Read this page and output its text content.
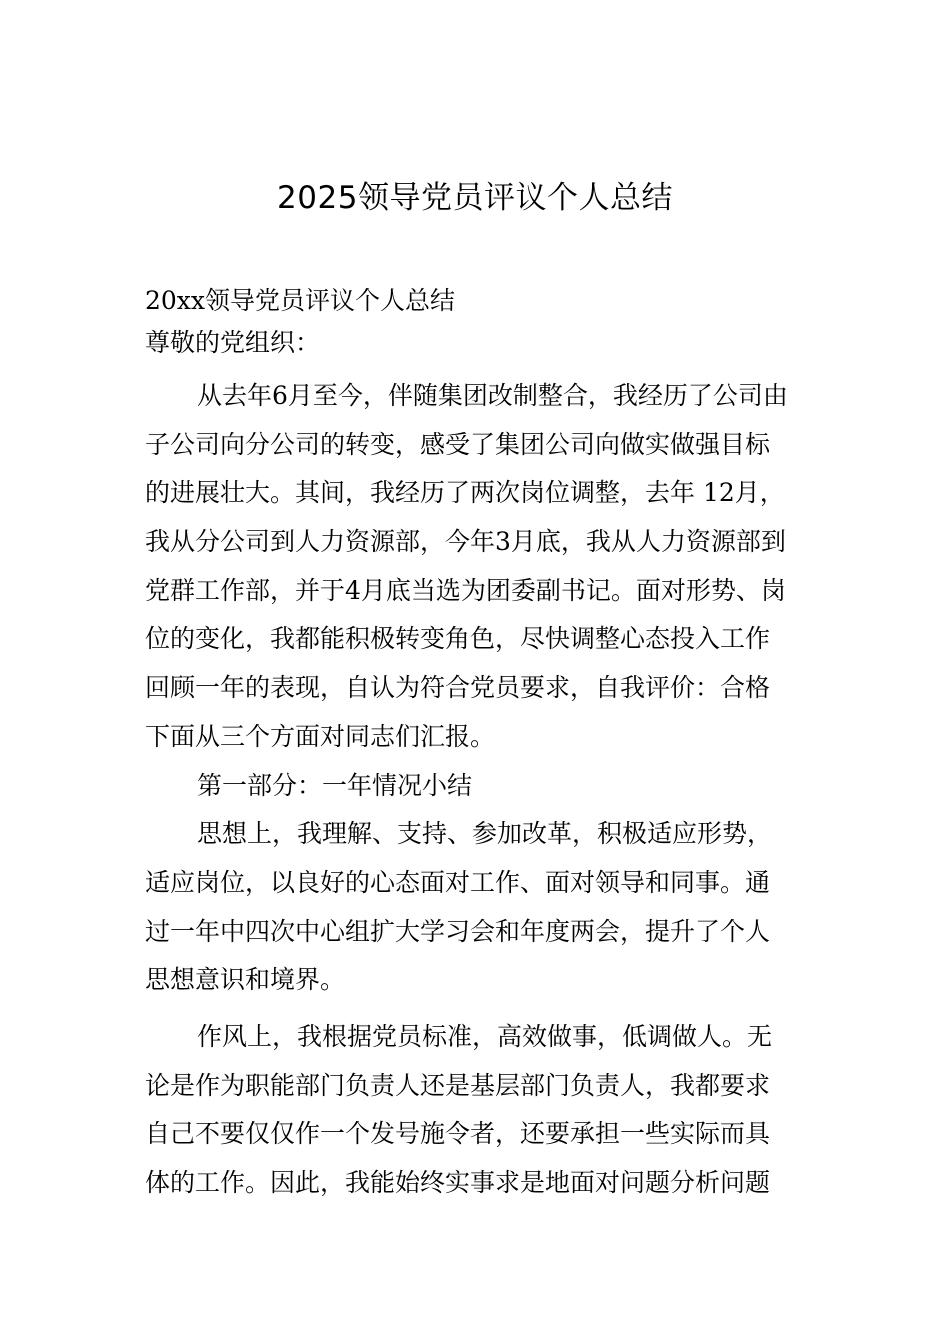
2025领导党员评议个人总结
20xx领导党员评议个人总结
尊敬的党组织：
从去年6月至今，伴随集团改制整合，我经历了公司由
子公司向分公司的转变，感受了集团公司向做实做强目标
的进展壮大。其间，我经历了两次岗位调整，去年 12月，
我从分公司到人力资源部，今年3月底，我从人力资源部到
党群工作部，并于4月底当选为团委副书记。面对形势、岗
位的变化，我都能积极转变角色，尽快调整心态投入工作
回顾一年的表现，自认为符合党员要求，自我评价：合格
下面从三个方面对同志们汇报。
第一部分：一年情况小结
思想上，我理解、支持、参加改革，积极适应形势，
适应岗位，以良好的心态面对工作、面对领导和同事。通
过一年中四次中心组扩大学习会和年度两会，提升了个人
思想意识和境界。
作风上，我根据党员标准，高效做事，低调做人。无
论是作为职能部门负责人还是基层部门负责人，我都要求
自己不要仅仅作一个发号施令者，还要承担一些实际而具
体的工作。因此，我能始终实事求是地面对问题分析问题
